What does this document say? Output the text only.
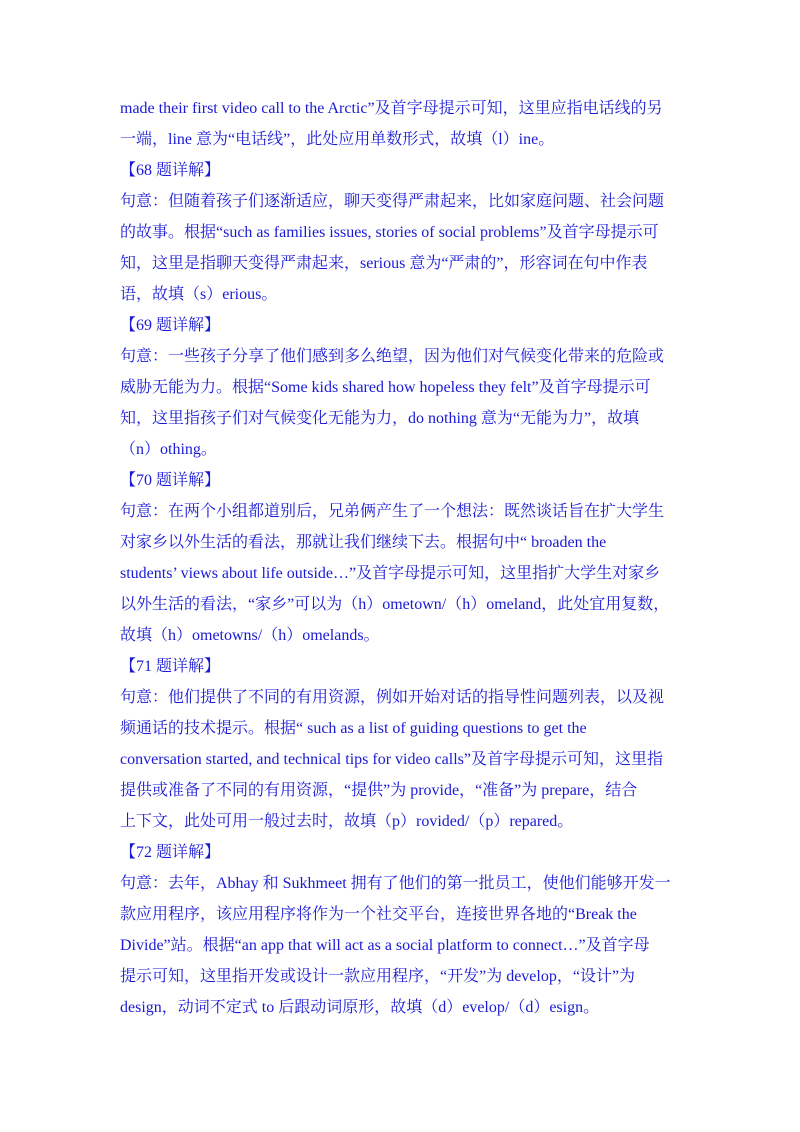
made their first video call to the Arctic”及首字母提示可知，这里应指电话线的另

一端，line 意为“电话线”，此处应用单数形式，故填（l）ine。

【68 题详解】

句意：但随着孩子们逐渐适应，聊天变得严肃起来，比如家庭问题、社会问题

的故事。根据“such as families issues, stories of social problems”及首字母提示可

知，这里是指聊天变得严肃起来，serious 意为“严肃的”，形容词在句中作表

语，故填（s）erious。

【69 题详解】

句意：一些孩子分享了他们感到多么绝望，因为他们对气候变化带来的危险或

威胁无能为力。根据“Some kids shared how hopeless they felt”及首字母提示可

知，这里指孩子们对气候变化无能为力，do nothing 意为“无能为力”，故填

（n）othing。

【70 题详解】

句意：在两个小组都道别后，兄弟俩产生了一个想法：既然谈话旨在扩大学生

对家乡以外生活的看法，那就让我们继续下去。根据句中“ broaden the

students’ views about life outside…”及首字母提示可知，这里指扩大学生对家乡

以外生活的看法，“家乡”可以为（h）ometown/（h）omeland，此处宜用复数，

故填（h）ometowns/（h）omelands。

【71 题详解】

句意：他们提供了不同的有用资源，例如开始对话的指导性问题列表，以及视

频通话的技术提示。根据“ such as a list of guiding questions to get the

conversation started, and technical tips for video calls”及首字母提示可知，这里指

提供或准备了不同的有用资源，“提供”为 provide，“准备”为 prepare，结合

上下文，此处可用一般过去时，故填（p）rovided/（p）repared。

【72 题详解】

句意：去年，Abhay 和 Sukhmeet 拥有了他们的第一批员工，使他们能够开发一

款应用程序，该应用程序将作为一个社交平台，连接世界各地的“Break the

Divide”站。根据“an app that will act as a social platform to connect…”及首字母

提示可知，这里指开发或设计一款应用程序，“开发”为 develop，“设计”为

design，动词不定式 to 后跟动词原形，故填（d）evelop/（d）esign。
